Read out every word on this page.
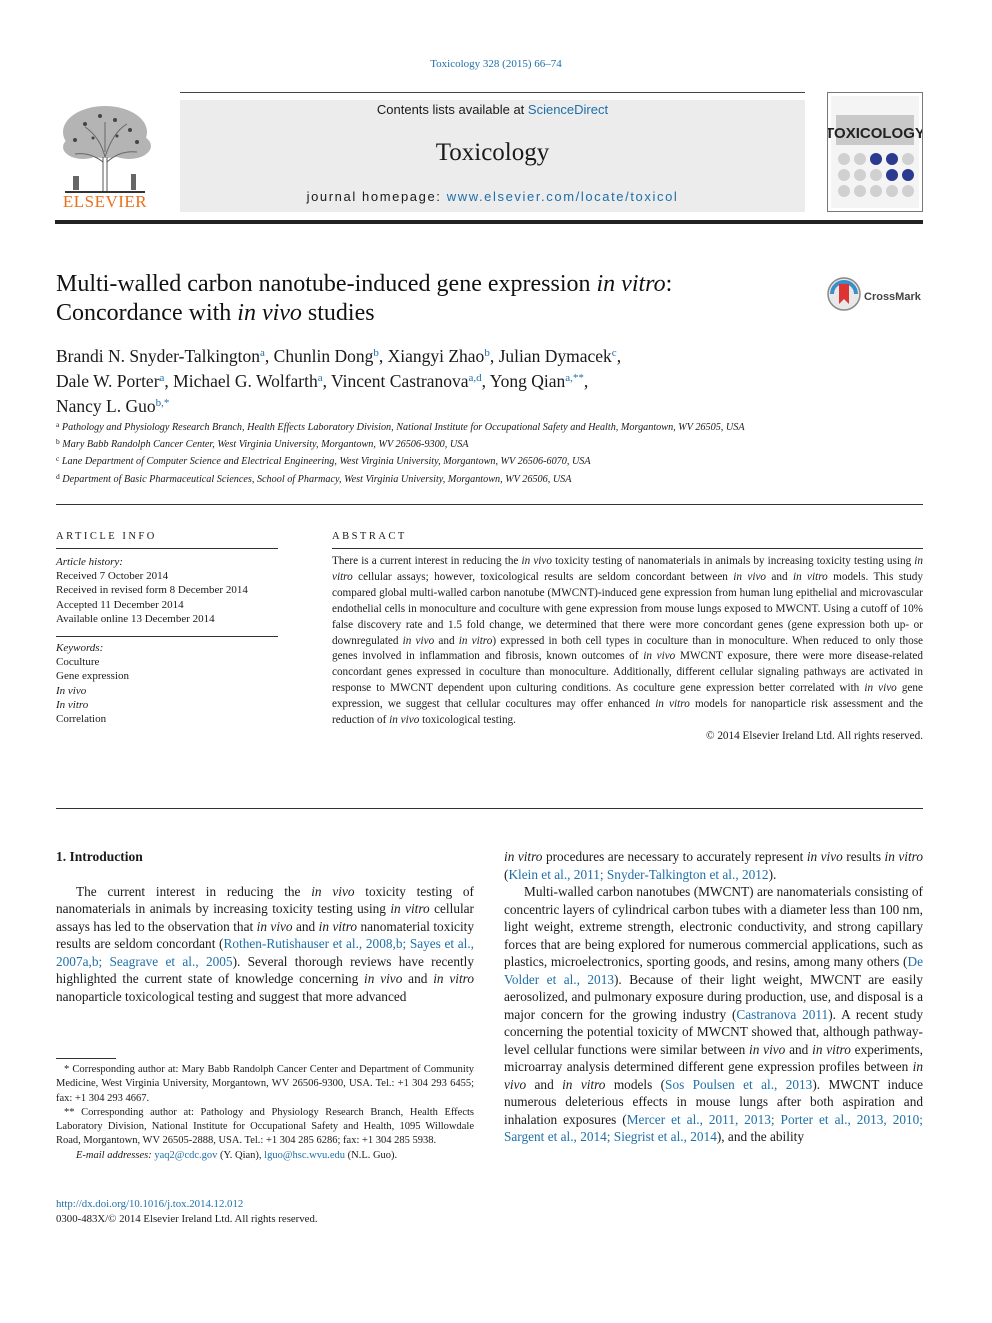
Toxicology 328 (2015) 66–74
ELSEVIER
Contents lists available at ScienceDirect
Toxicology
journal homepage: www.elsevier.com/locate/toxicol
TOXICOLOGY
Multi-walled carbon nanotube-induced gene expression in vitro:
Concordance with in vivo studies
CrossMark
Brandi N. Snyder-Talkington$^a$, Chunlin Dong$^b$, Xiangyi Zhao$^b$, Julian Dymacek$^c$,
Dale W. Porter$^a$, Michael G. Wolfarth$^a$, Vincent Castranova$^{a,d}$, Yong Qian$^{a,**}$,
Nancy L. Guo$^{b,*}$
$^a$ Pathology and Physiology Research Branch, Health Effects Laboratory Division, National Institute for Occupational Safety and Health, Morgantown, WV 26505, USA
$^b$ Mary Babb Randolph Cancer Center, West Virginia University, Morgantown, WV 26506-9300, USA
$^c$ Lane Department of Computer Science and Electrical Engineering, West Virginia University, Morgantown, WV 26506-6070, USA
$^d$ Department of Basic Pharmaceutical Sciences, School of Pharmacy, West Virginia University, Morgantown, WV 26506, USA
ARTICLE INFO
Article history:
Received 7 October 2014
Received in revised form 8 December 2014
Accepted 11 December 2014
Available online 13 December 2014
Keywords:
Coculture
Gene expression
In vivo
In vitro
Correlation
ABSTRACT
There is a current interest in reducing the in vivo toxicity testing of nanomaterials in animals by increasing toxicity testing using in vitro cellular assays; however, toxicological results are seldom concordant between in vivo and in vitro models. This study compared global multi-walled carbon nanotube (MWCNT)-induced gene expression from human lung epithelial and microvascular endothelial cells in monoculture and coculture with gene expression from mouse lungs exposed to MWCNT. Using a cutoff of 10% false discovery rate and 1.5 fold change, we determined that there were more concordant genes (gene expression both up- or downregulated in vivo and in vitro) expressed in both cell types in coculture than in monoculture. When reduced to only those genes involved in inflammation and fibrosis, known outcomes of in vivo MWCNT exposure, there were more disease-related concordant genes expressed in coculture than monoculture. Additionally, different cellular signaling pathways are activated in response to MWCNT dependent upon culturing conditions. As coculture gene expression better correlated with in vivo gene expression, we suggest that cellular cocultures may offer enhanced in vitro models for nanoparticle risk assessment and the reduction of in vivo toxicological testing.
© 2014 Elsevier Ireland Ltd. All rights reserved.
1. Introduction

The current interest in reducing the in vivo toxicity testing of nanomaterials in animals by increasing toxicity testing using in vitro cellular assays has led to the observation that in vivo and in vitro nanomaterial toxicity results are seldom concordant (Rothen-Rutishauser et al., 2008,b; Sayes et al., 2007a,b; Seagrave et al., 2005). Several thorough reviews have recently highlighted the current state of knowledge concerning in vivo and in vitro nanoparticle toxicological testing and suggest that more advanced

* Corresponding author at: Mary Babb Randolph Cancer Center and Department of Community Medicine, West Virginia University, Morgantown, WV 26506-9300, USA. Tel.: +1 304 293 6455; fax: +1 304 293 4667.

** Corresponding author at: Pathology and Physiology Research Branch, Health Effects Laboratory Division, National Institute for Occupational Safety and Health, 1095 Willowdale Road, Morgantown, WV 26505-2888, USA. Tel.: +1 304 285 6286; fax: +1 304 285 5938.

E-mail addresses: yaq2@cdc.gov (Y. Qian), lguo@hsc.wvu.edu (N.L. Guo).

http://dx.doi.org/10.1016/j.tox.2014.12.012
0300-483X/© 2014 Elsevier Ireland Ltd. All rights reserved.

in vitro procedures are necessary to accurately represent in vivo results in vitro (Klein et al., 2011; Snyder-Talkington et al., 2012).

Multi-walled carbon nanotubes (MWCNT) are nanomaterials consisting of concentric layers of cylindrical carbon tubes with a diameter less than 100 nm, light weight, extreme strength, electronic conductivity, and strong capillary forces that are being explored for numerous commercial applications, such as plastics, microelectronics, sporting goods, and resins, among many others (De Volder et al., 2013). Because of their light weight, MWCNT are easily aerosolized, and pulmonary exposure during production, use, and disposal is a major concern for the growing industry (Castranova 2011). A recent study concerning the potential toxicity of MWCNT showed that, although pathway-level cellular functions were similar between in vivo and in vitro experiments, microarray analysis determined different gene expression profiles between in vivo and in vitro models (Sos Poulsen et al., 2013). MWCNT induce numerous deleterious effects in mouse lungs after both aspiration and inhalation exposures (Mercer et al., 2011, 2013; Porter et al., 2013, 2010; Sargent et al., 2014; Siegrist et al., 2014), and the ability
